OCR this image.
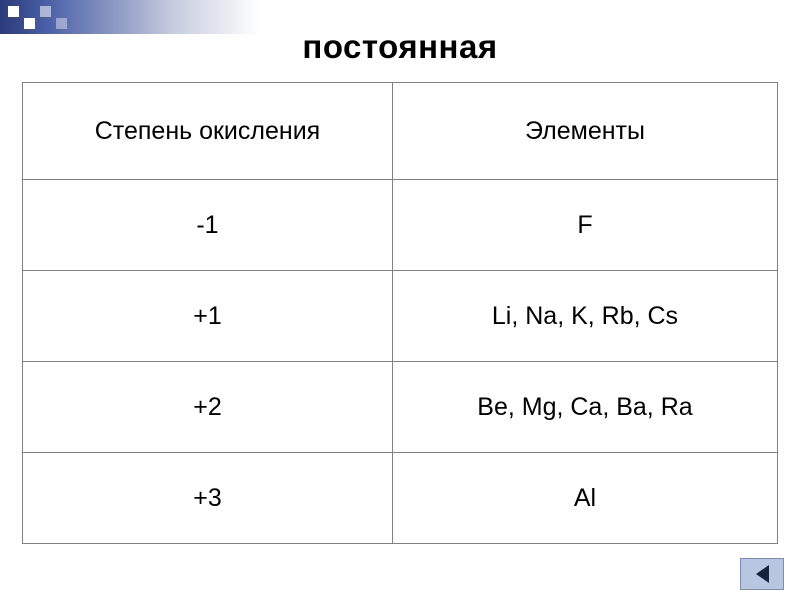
постоянная
Степень окисления	Элементы
-1	F
+1	Li, Na, K, Rb, Cs
+2	Be, Mg, Ca, Ba, Ra
+3	Al
